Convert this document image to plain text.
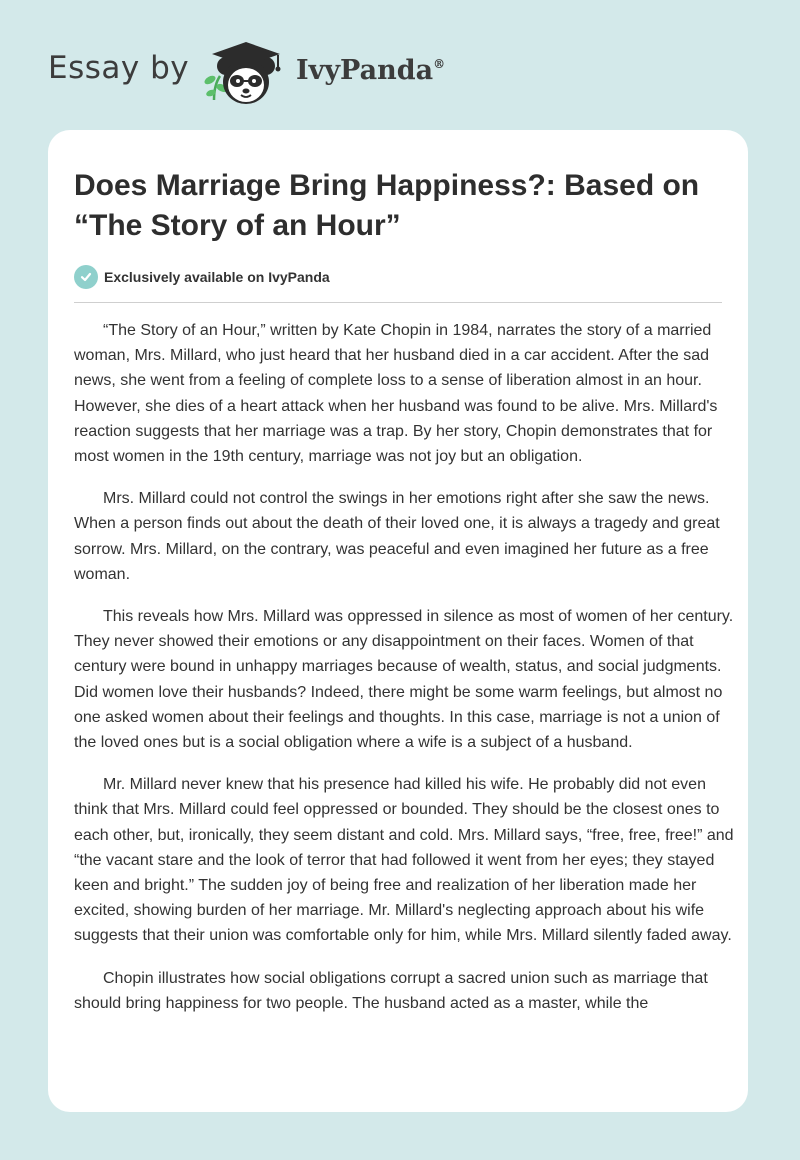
Essay by	IvyPanda®
Does Marriage Bring Happiness?: Based on “The Story of an Hour”
Exclusively available on IvyPanda

“The Story of an Hour,” written by Kate Chopin in 1984, narrates the story of a married woman, Mrs. Millard, who just heard that her husband died in a car accident. After the sad news, she went from a feeling of complete loss to a sense of liberation almost in an hour. However, she dies of a heart attack when her husband was found to be alive. Mrs. Millard's reaction suggests that her marriage was a trap. By her story, Chopin demonstrates that for most women in the 19th century, marriage was not joy but an obligation.

Mrs. Millard could not control the swings in her emotions right after she saw the news. When a person finds out about the death of their loved one, it is always a tragedy and great sorrow. Mrs. Millard, on the contrary, was peaceful and even imagined her future as a free woman.

This reveals how Mrs. Millard was oppressed in silence as most of women of her century. They never showed their emotions or any disappointment on their faces. Women of that century were bound in unhappy marriages because of wealth, status, and social judgments. Did women love their husbands? Indeed, there might be some warm feelings, but almost no one asked women about their feelings and thoughts. In this case, marriage is not a union of the loved ones but is a social obligation where a wife is a subject of a husband.

Mr. Millard never knew that his presence had killed his wife. He probably did not even think that Mrs. Millard could feel oppressed or bounded. They should be the closest ones to each other, but, ironically, they seem distant and cold. Mrs. Millard says, “free, free, free!” and “the vacant stare and the look of terror that had followed it went from her eyes; they stayed keen and bright.” The sudden joy of being free and realization of her liberation made her excited, showing burden of her marriage. Mr. Millard's neglecting approach about his wife suggests that their union was comfortable only for him, while Mrs. Millard silently faded away.

Chopin illustrates how social obligations corrupt a sacred union such as marriage that should bring happiness for two people. The husband acted as a master, while the
